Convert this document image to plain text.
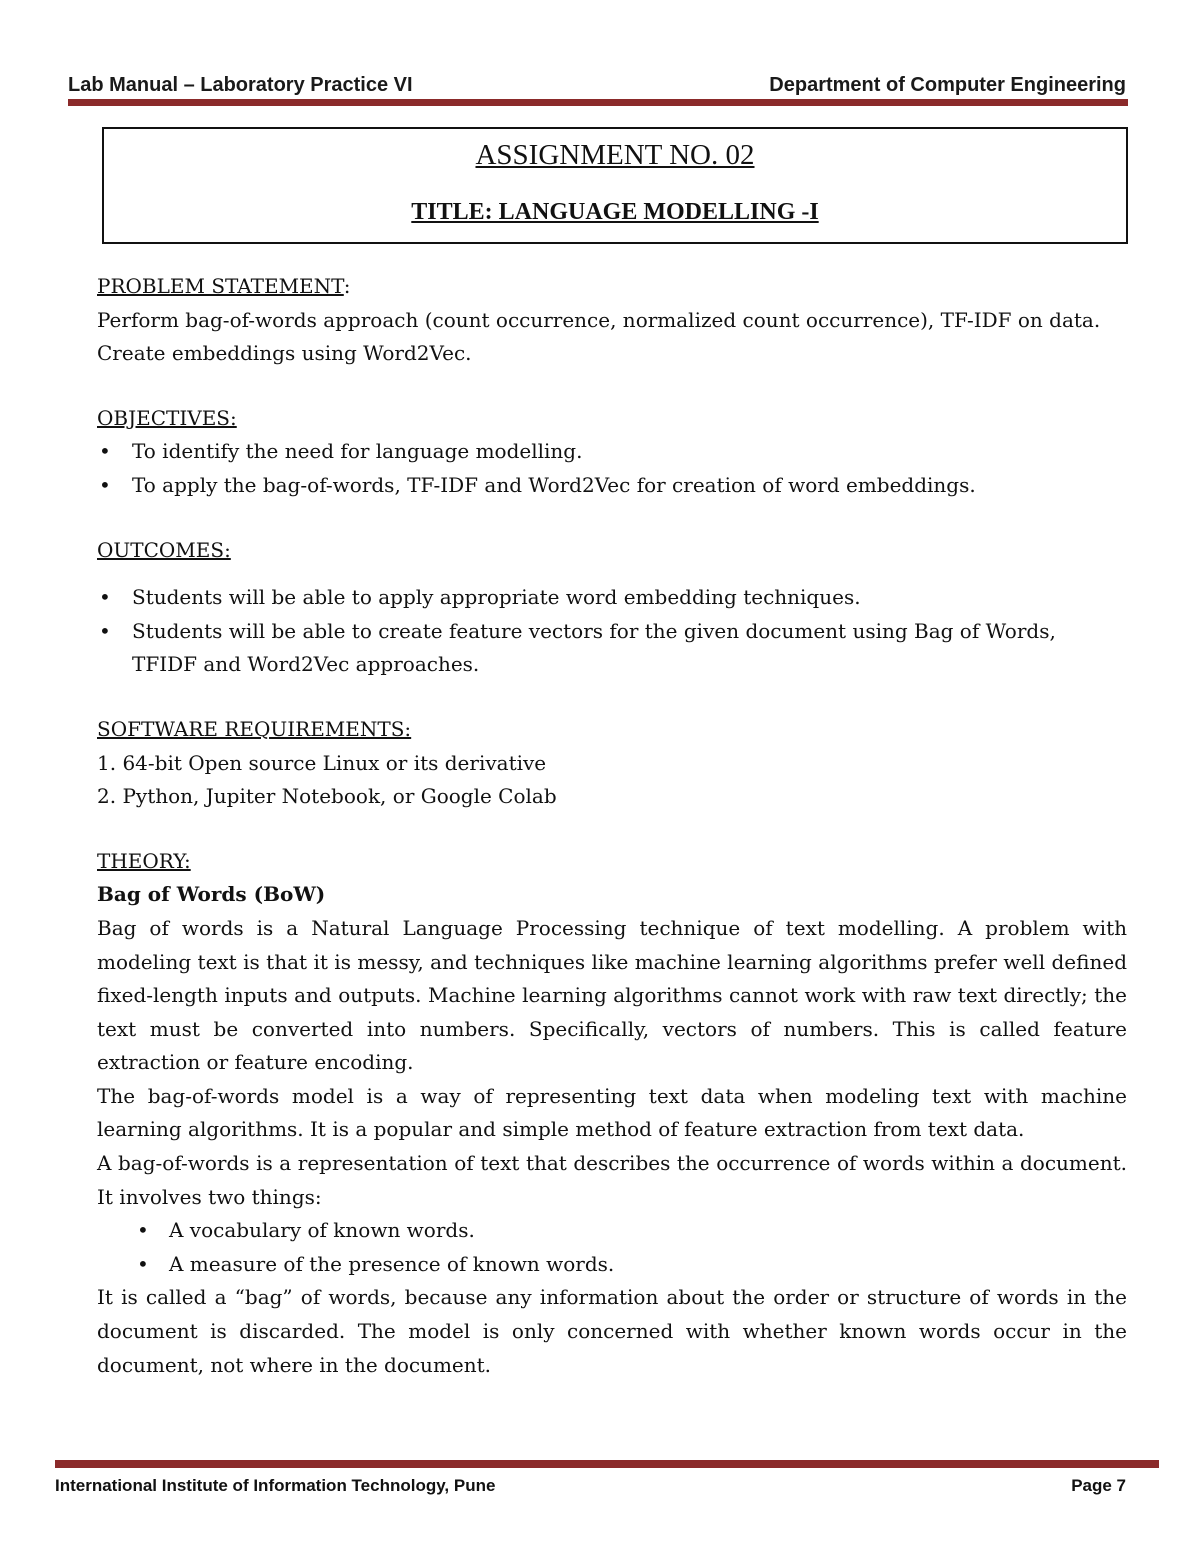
Lab Manual – Laboratory Practice VI	Department of Computer Engineering
ASSIGNMENT NO. 02
TITLE: LANGUAGE MODELLING -I

PROBLEM STATEMENT:

Perform bag-of-words approach (count occurrence, normalized count occurrence), TF-IDF on data. Create embeddings using Word2Vec.

OBJECTIVES:

• To identify the need for language modelling.
• To apply the bag-of-words, TF-IDF and Word2Vec for creation of word embeddings.

OUTCOMES:

• Students will be able to apply appropriate word embedding techniques.
• Students will be able to create feature vectors for the given document using Bag of Words, TFIDF and Word2Vec approaches.

SOFTWARE REQUIREMENTS:

1. 64-bit Open source Linux or its derivative

2. Python, Jupiter Notebook, or Google Colab

THEORY:

Bag of Words (BoW)

Bag of words is a Natural Language Processing technique of text modelling. A problem with modeling text is that it is messy, and techniques like machine learning algorithms prefer well defined fixed-length inputs and outputs. Machine learning algorithms cannot work with raw text directly; the text must be converted into numbers. Specifically, vectors of numbers. This is called feature extraction or feature encoding.

The bag-of-words model is a way of representing text data when modeling text with machine learning algorithms. It is a popular and simple method of feature extraction from text data.

A bag-of-words is a representation of text that describes the occurrence of words within a document. It involves two things:

• A vocabulary of known words.
• A measure of the presence of known words.

It is called a “bag” of words, because any information about the order or structure of words in the document is discarded. The model is only concerned with whether known words occur in the document, not where in the document.

International Institute of Information Technology, Pune	Page 7
